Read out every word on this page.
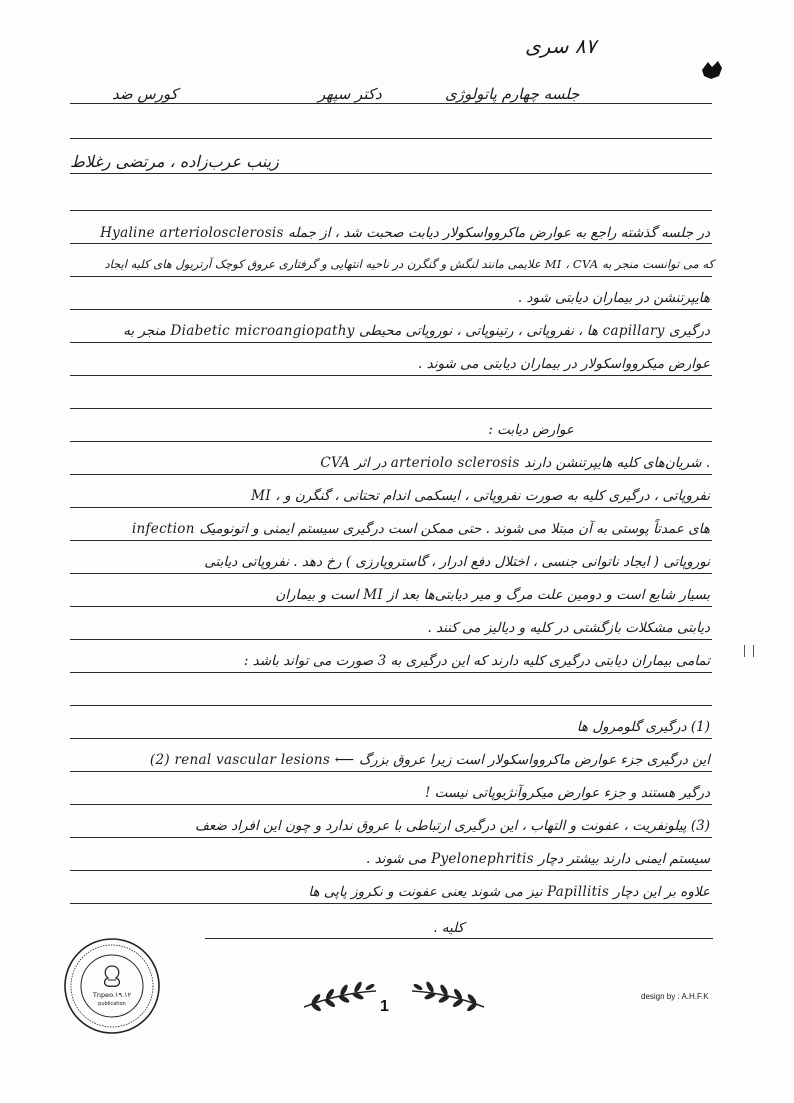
۸۷ سری
جلسه چهارم پاتولوژی
دکتر سپهر
کورس ضد
زینب عرب‌زاده ، مرتضی رغلاط
در جلسه گذشته راجع به عوارض ماکروواسکولار دیابت صحبت شد ، از جمله Hyaline arteriolosclerosis
که می توانست منجر به MI ، CVA علایمی مانند لنگش و گنگرن در ناحیه انتهایی و گرفتاری عروق کوچک آرتریول های کلیه ایجاد
هایپرتنشن در بیماران دیابتی شود .
درگیری capillary ها ، نفروپاتی ، رتینوپاتی ، نوروپاتی محیطی Diabetic microangiopathy منجر به
عوارض میکروواسکولار در بیماران دیابتی می شوند .
عوارض دیابت :
CVA در اثر arteriolo sclerosis شریان‌های کلیه هایپرتنشن دارند .
MI ، نفروپاتی ، درگیری کلیه به صورت نفروپاتی ، ایسکمی اندام تحتانی ، گنگرن و
infection های عمدتاً پوستی به آن مبتلا می شوند . حتی ممکن است درگیری سیستم ایمنی و اتونومیک
نوروپاتی ( ایجاد ناتوانی جنسی ، اختلال دفع ادرار ، گاستروپارزی ) رخ دهد . نفروپاتی دیابتی
بسیار شایع است و دومین علت مرگ و میر دیابتی‌ها بعد از MI است و بیماران
دیابتی مشکلات بازگشتی در کلیه و دیالیز می کنند .
تمامی بیماران دیابتی درگیری کلیه دارند که این درگیری به 3 صورت می تواند باشد :
(1) درگیری گلومرول ها
(2) renal vascular lesions ⟵ این درگیری جزء عوارض ماکروواسکولار است زیرا عروق بزرگ
درگیر هستند و جزء عوارض میکروآنژیوپاتی نیست !
(3) پیلونفریت ، عفونت و التهاب ، این درگیری ارتباطی با عروق ندارد و چون این افراد ضعف
سیستم ایمنی دارند بیشتر دچار Pyelonephritis می شوند .
علاوه بر این دچار Papillitis نیز می شوند یعنی عفونت و نکروز پاپی ها
کلیه .
Tnpeo.۱۹.۱۲
publication	1
design by : A.H.F.K
